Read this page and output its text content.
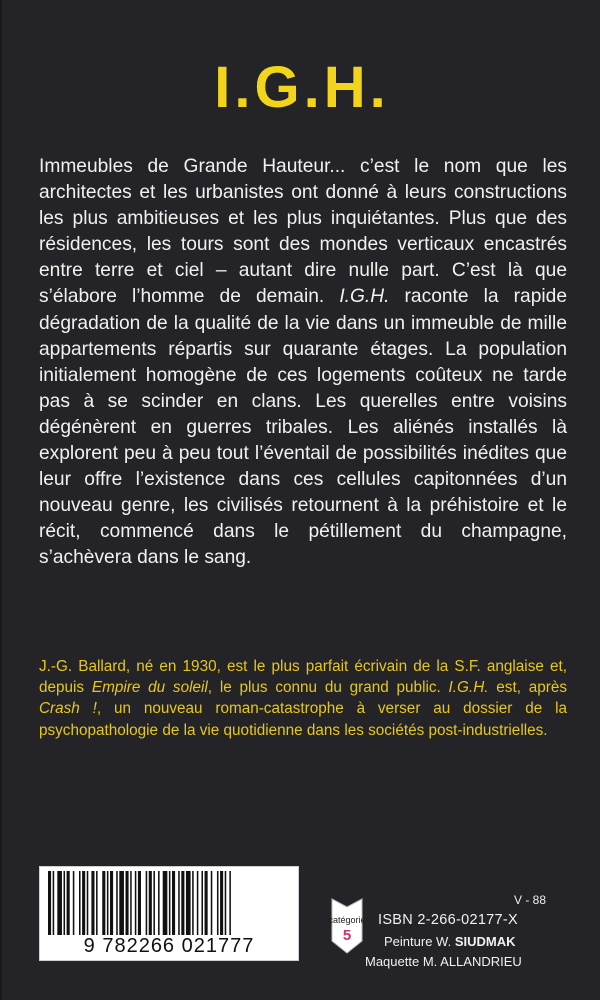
I.G.H.

Immeubles de Grande Hauteur... c’est le nom que les architectes et les urbanistes ont donné à leurs constructions les plus ambitieuses et les plus inquiétantes. Plus que des résidences, les tours sont des mondes verticaux encastrés entre terre et ciel – autant dire nulle part. C’est là que s’élabore l’homme de demain. I.G.H. raconte la rapide dégradation de la qualité de la vie dans un immeuble de mille appartements répartis sur quarante étages. La population initialement homogène de ces logements coûteux ne tarde pas à se scinder en clans. Les querelles entre voisins dégénèrent en guerres tribales. Les aliénés installés là explorent peu à peu tout l’éventail de possibilités inédites que leur offre l’existence dans ces cellules capitonnées d’un nouveau genre, les civilisés retournent à la préhistoire et le récit, commencé dans le pétillement du champagne, s’achèvera dans le sang.

J.-G. Ballard, né en 1930, est le plus parfait écrivain de la S.F. anglaise et, depuis Empire du soleil, le plus connu du grand public. I.G.H. est, après Crash !, un nouveau roman-catastrophe à verser au dossier de la psychopathologie de la vie quotidienne dans les sociétés post-industrielles.
9 782266 021777
catégorie
5
V - 88
ISBN 2-266-02177-X
Peinture W. SIUDMAK
Maquette M. ALLANDRIEU
